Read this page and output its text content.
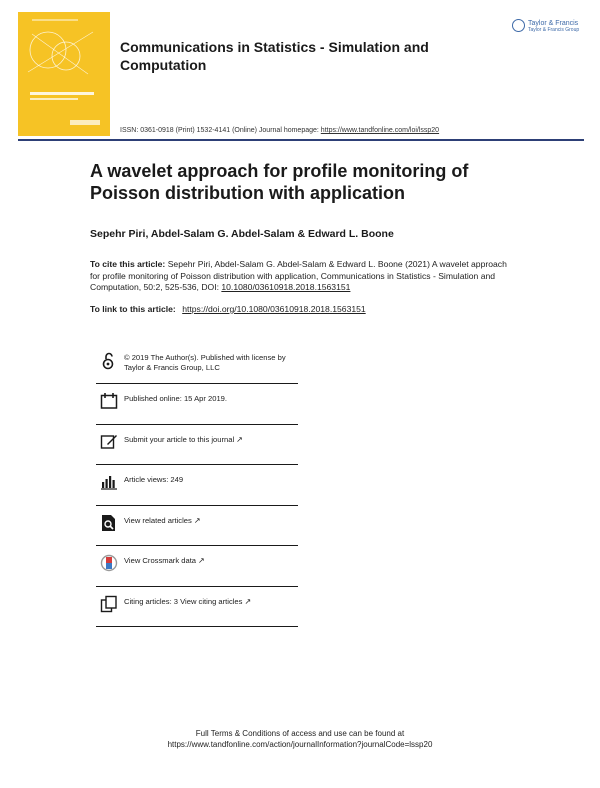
Taylor & Francis
Taylor & Francis Group
Communications in Statistics - Simulation and Computation
ISSN: 0361-0918 (Print) 1532-4141 (Online) Journal homepage: https://www.tandfonline.com/loi/lssp20
A wavelet approach for profile monitoring of Poisson distribution with application
Sepehr Piri, Abdel-Salam G. Abdel-Salam & Edward L. Boone
To cite this article: Sepehr Piri, Abdel-Salam G. Abdel-Salam & Edward L. Boone (2021) A wavelet approach for profile monitoring of Poisson distribution with application, Communications in Statistics - Simulation and Computation, 50:2, 525-536, DOI: 10.1080/03610918.2018.1563151
To link to this article: https://doi.org/10.1080/03610918.2018.1563151
© 2019 The Author(s). Published with license by Taylor & Francis Group, LLC
Published online: 15 Apr 2019.
Submit your article to this journal ↗
Article views: 249
View related articles ↗
View Crossmark data ↗
Citing articles: 3 View citing articles ↗
Full Terms & Conditions of access and use can be found at
https://www.tandfonline.com/action/journalInformation?journalCode=lssp20
